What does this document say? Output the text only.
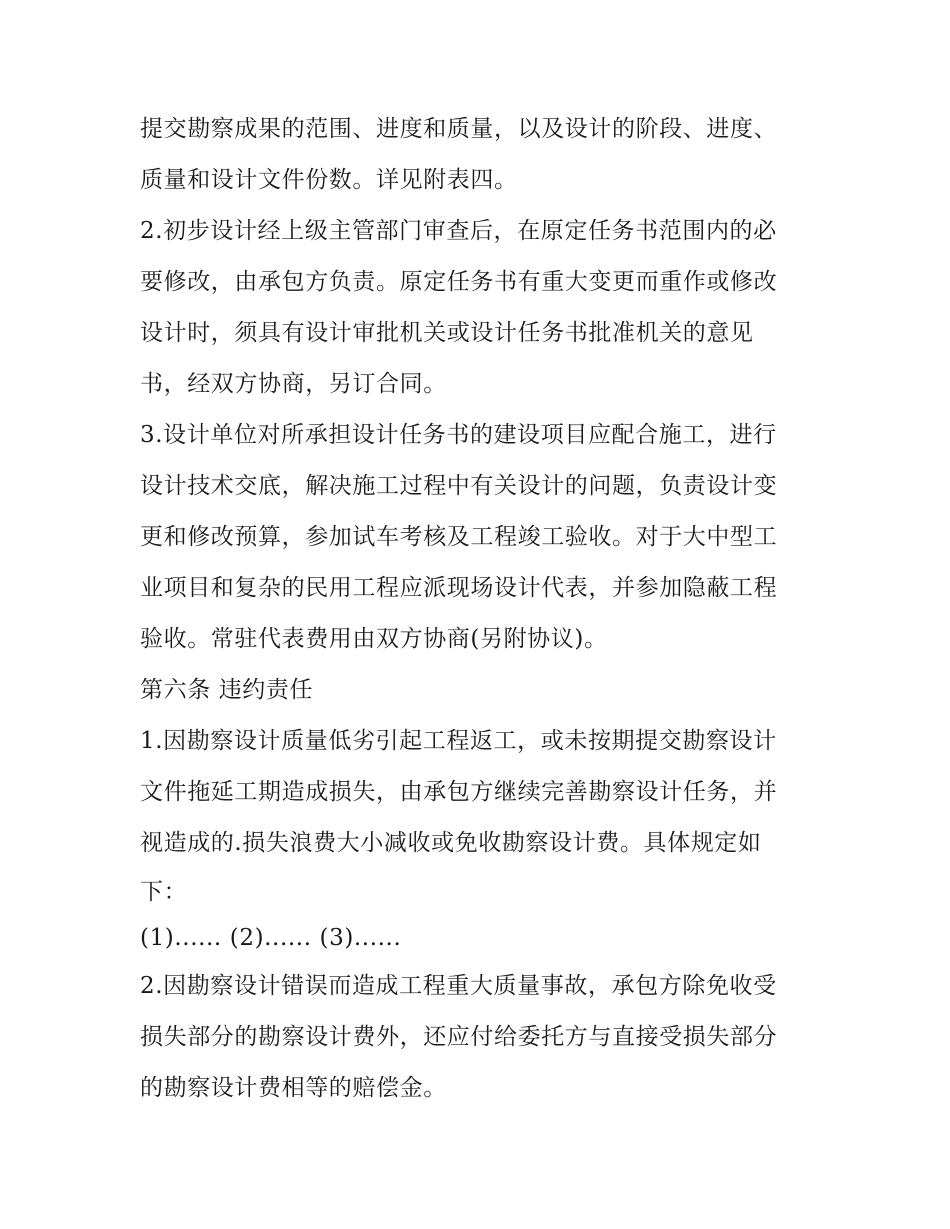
提交勘察成果的范围、进度和质量，以及设计的阶段、进度、
质量和设计文件份数。详见附表四。
2.初步设计经上级主管部门审查后，在原定任务书范围内的必
要修改，由承包方负责。原定任务书有重大变更而重作或修改
设计时，须具有设计审批机关或设计任务书批准机关的意见
书，经双方协商，另订合同。
3.设计单位对所承担设计任务书的建设项目应配合施工，进行
设计技术交底，解决施工过程中有关设计的问题，负责设计变
更和修改预算，参加试车考核及工程竣工验收。对于大中型工
业项目和复杂的民用工程应派现场设计代表，并参加隐蔽工程
验收。常驻代表费用由双方协商(另附协议)。
第六条 违约责任
1.因勘察设计质量低劣引起工程返工，或未按期提交勘察设计
文件拖延工期造成损失，由承包方继续完善勘察设计任务，并
视造成的.损失浪费大小减收或免收勘察设计费。具体规定如
下：
(1)...... (2)...... (3)......
2.因勘察设计错误而造成工程重大质量事故，承包方除免收受
损失部分的勘察设计费外，还应付给委托方与直接受损失部分
的勘察设计费相等的赔偿金。
